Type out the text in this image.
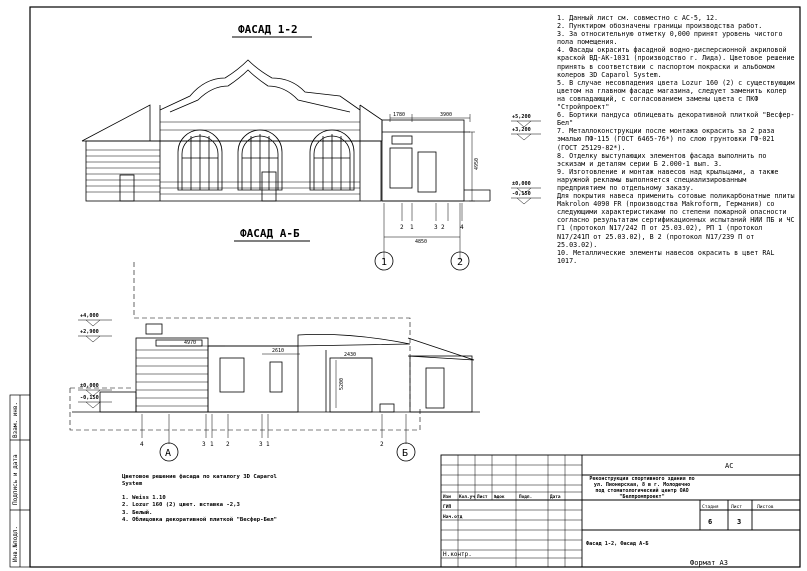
Взам. инв.
Подпись и дата
Инв.№подл.
ФАСАД 1-2
1780	3900
4950
4850
+5,200
+3,200
±0,000
-0,150
2 1	3 2	4
1	2
ФАСАД А-Б
4970
2610
2430
5200
+4,000
+2,900
±0,000
-0,150
4	3 1 2	3 1	2
А	Б
Изм Кол.уч Лист №док	Подп.	Дата
ГИП
Нач.отд
Н.контр.
АС
Стадия	Лист	Листов
6	3
Фасад 1-2, Фасад А-Б
Формат А3
Реконструкция спортивного здания по ул. Пионерская, 8 в г. Молодечно под стоматологический центр ОАО "Белпромпроект"
1. Данный лист см. совместно с АС-5, 12.
2. Пунктиром обозначены границы производства работ.
3. За относительную отметку 0,000 принят уровень чистого пола помещения.
4. Фасады окрасить фасадной водно-дисперсионной акриловой краской ВД-АК-1031 (производство г. Лида). Цветовое решение принять в соответствии с паспортом покраски и альбомом колеров 3D Caparol System.
5. В случае несовпадения цвета Lozur 160 (2) с существующим цветом на главном фасаде магазина, следует заменить колер на совпадающий, с согласованием замены цвета с ПКФ "Стройпроект"
6. Бортики пандуса облицевать декоративной плиткой "Весфер-Бел"
7. Металлоконструкции после монтажа окрасить за 2 раза эмалью ПФ-115 (ГОСТ 6465-76*) по слою грунтовки ГФ-021 (ГОСТ 25129-82*).
8. Отделку выступающих элементов фасада выполнить по эскизам и деталям серии Б 2.000-1 вып. 3.
9. Изготовление и монтаж навесов над крыльцами, а также наружной рекламы выполняется специализированным предприятием по отдельному заказу.
Для покрытия навеса применить сотовые поликарбонатные плиты Makrolon 4090 FR (производства Makroform, Германия) со следующими характеристиками по степени пожарной опасности согласно результатам сертификационных испытаний НИИ ПБ и ЧС Г1 (протокол N17/242 П от 25.03.02), РП 1 (протокол N17/241П от 25.03.02), В 2 (протокол N17/239 П от 25.03.02).
10. Металлические элементы навесов окрасить в цвет RAL 1017.
Цветовое решение фасада по каталогу 3D Caparol System
1. Weiss 1.10
2. Lozur 160 (2) цвет. вставка -2,3
3. Белый.
4. Облицовка декоративной плиткой "Весфер-Бел"
